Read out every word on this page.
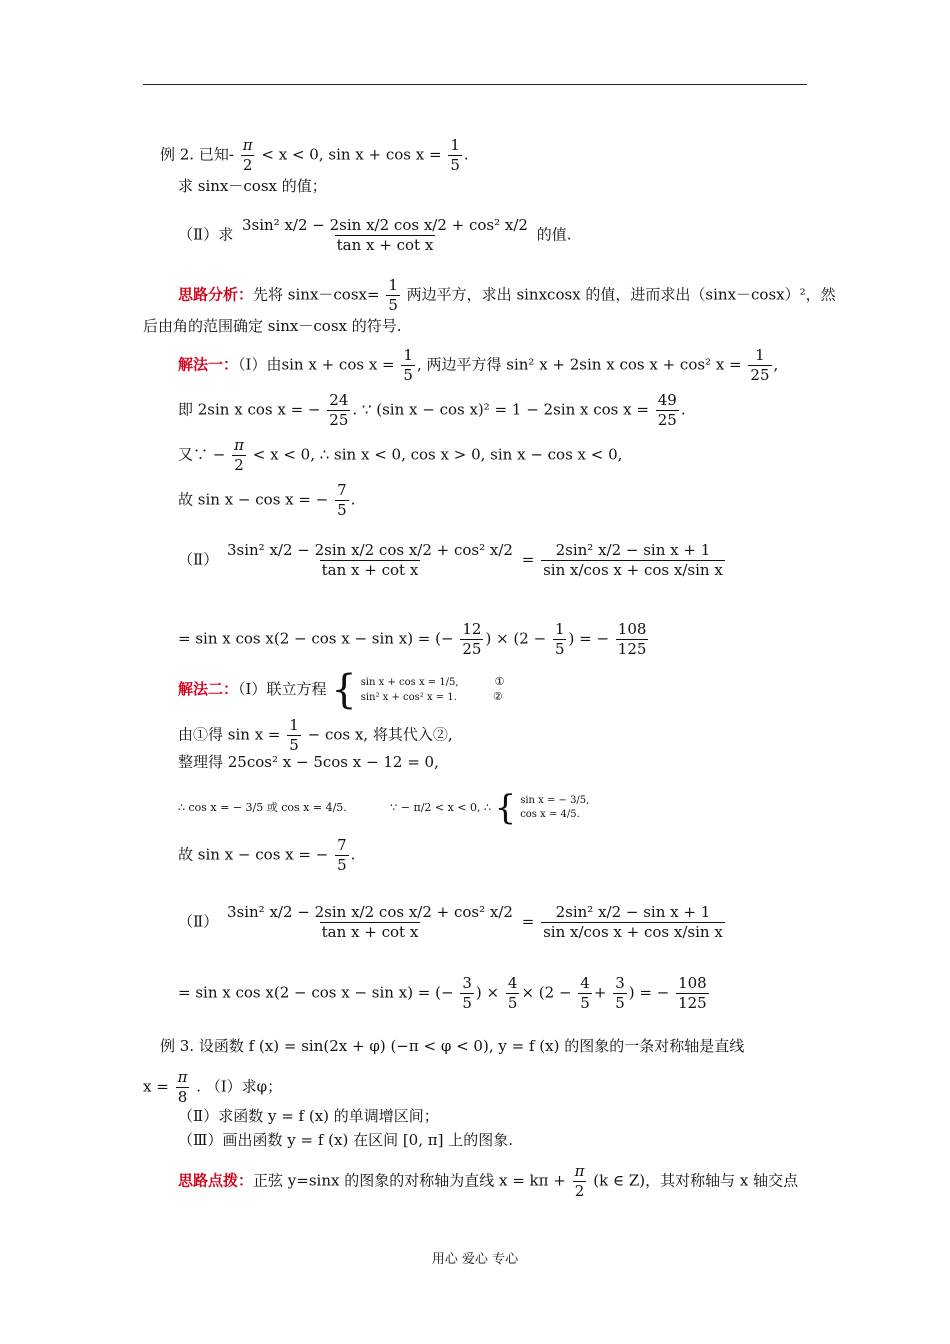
例 2. 已知- $\frac{\pi}{2} < x < 0$, $\sin x + \cos x = \frac{1}{5}$ .
求 sinx－cosx 的值；
（Ⅱ）求 $\frac{\text{3sin² x/2 − 2sin x/2 cos x/2 + cos² x/2}}{\text{tan x + cot x}}$ 的值.
思路分析：先将 $\sin x-\cos x= \frac{1}{5}$ 两边平方，求出 sinxcosx 的值，进而求出（sinx－cosx）²，然
后由角的范围确定 sinx－cosx 的符号.
解法一：（Ⅰ）由$\sin x + \cos x = \frac{1}{5}$ , 两边平方得 sin² x + 2sin x cos x + cos² $x = \frac{1}{25}$ ,
即 2sin x cos x = − $\frac{24}{25}$ . ∵ (sin x − cos x)² = 1 − 2sin x $\cos x = \frac{49}{25}$ .
又∵ − $\frac{\pi}{2} < x < 0$, ∴ sin x < 0, cos x > 0, sin x − cos x < 0,
故 sin x − cos x = − $\frac{7}{5}$ .
（Ⅱ） $\frac{\text{3sin² x/2 − 2sin x/2 cos x/2 + cos² x/2}}{\text{tan x + cot x}} = \frac{\text{2sin² x/2 − sin x + 1}}{\text{sin x/cos x + cos x/sin x}}$
= sin x cos x(2 − cos x − sin x) = (− $\frac{12}{25}$ ) × ($2 - \frac{1}{5}$ ) = − $\frac{108}{125}$
解法二：（Ⅰ）联立方程 { sin x + cos x = 1/5,	①
sin² x + cos² x = 1.	②
由①得 $\sin x = \frac{1}{5} - \cos x$, 将其代入②,
整理得 25cos² x − 5cos x − 12 = 0,
∴ cos x = − 3/5 或 cos x = 4/5.	∵ − π/2 < x < 0, ∴ { sin x = − 3/5,
cos x = 4/5.
故 sin x − cos x = − $\frac{7}{5}$ .
（Ⅱ） $\frac{\text{3sin² x/2 − 2sin x/2 cos x/2 + cos² x/2}}{\text{tan x + cot x}} = \frac{\text{2sin² x/2 − sin x + 1}}{\text{sin x/cos x + cos x/sin x}}$
= sin x cos x(2 − cos x − sin x) = (− $\frac{3}{5}$ ) × $\frac{4}{5} \times (2 - \frac{4}{5} + \frac{3}{5}$ ) = − $\frac{108}{125}$
例 3. 设函数 f (x) = sin(2x + φ) (−π < φ < 0), y = f (x) 的图象的一条对称轴是直线
$x = \frac{\pi}{8}$ . （Ⅰ）求φ；
（Ⅱ）求函数 y = f (x) 的单调增区间；
（Ⅲ）画出函数 y = f (x) 在区间 [0, π] 上的图象.
思路点拨：正弦 y=sinx 的图象的对称轴为直线 $x = k\pi + \frac{\pi}{2} (k$ ∈ Z)，其对称轴与 x 轴交点
用心 爱心 专心
